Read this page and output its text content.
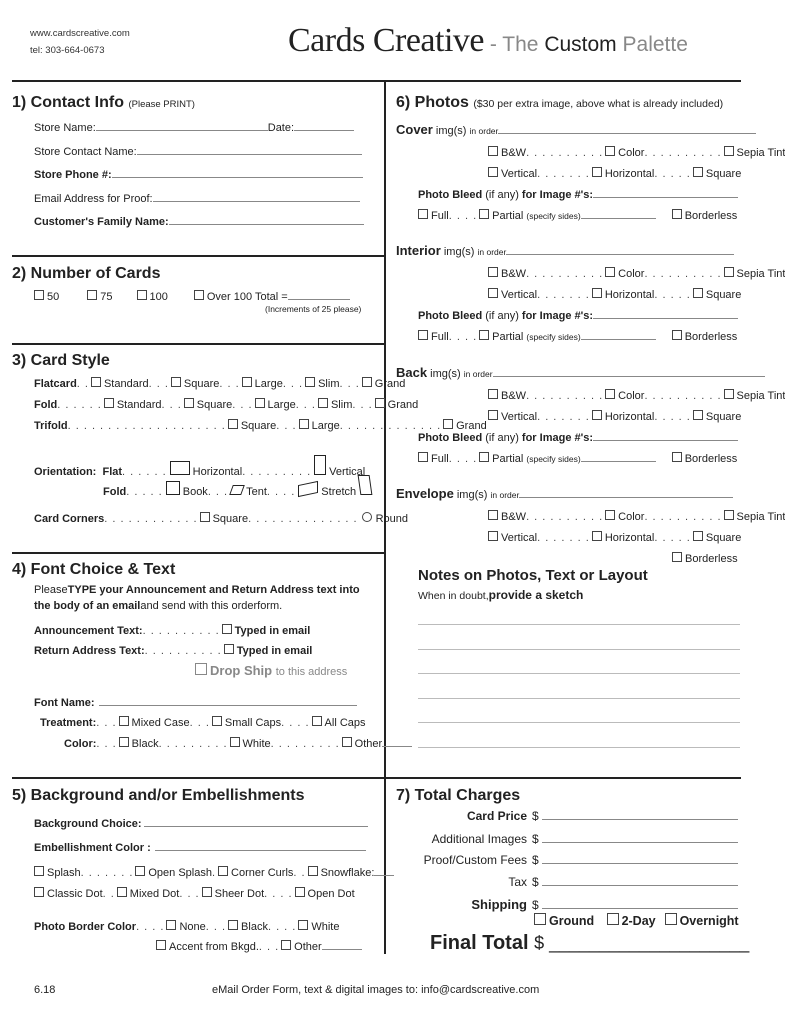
www.cardscreative.com
tel: 303-664-0673	Cards Creative - The Custom Palette
1) Contact Info (Please PRINT)
Store Name:	Date:
Store Contact Name:
Store Phone #:
Email Address for Proof:
Customer's Family Name:
2) Number of Cards
50	75	100	Over 100 Total =
(Increments of 25 please)
3) Card Style
Flatcard . . Standard . . . Square . . . Large . . . Slim . . . Grand
Fold . . . . . . Standard . . . Square . . . Large . . . Slim . . . Grand
Trifold . . . . . . . . . . . . . . . . . . . . Square . . . Large . . . . . . . . . . . . . Grand
Orientation:
Flat . . . . . . Horizontal . . . . . . . . . Vertical
Fold . . . . . Book . . . Tent . . . . Stretch
Card Corners . . . . . . . . . . . . Square . . . . . . . . . . . . . . Round
4) Font Choice & Text
Please TYPE your Announcement and Return Address text into
the body of an email and send with this orderform.
Announcement Text: . . . . . . . . . . Typed in email
Return Address Text: . . . . . . . . . . Typed in email
Drop Ship
to this address
Font Name:
Treatment: . . . Mixed Case . . . Small Caps . . . . All Caps
Color: . . . Black . . . . . . . . . White . . . . . . . . . Other
5) Background and/or Embellishments
Background Choice:
Embellishment Color :
Splash . . . . . . . Open Splash . Corner Curls . . Snowflake:
Classic Dot . . Mixed Dot . . . Sheer Dot . . . . Open Dot
Photo Border Color . . . . None . . . Black . . . . White
Accent from Bkgd. . . . Other
6) Photos ($30 per extra image, above what is already included)
Cover
img(s)
in order
B&W . . . . . . . . . . Color . . . . . . . . . . Sepia Tint
Vertical . . . . . . . Horizontal . . . . . Square
Photo Bleed
(if any)
for Image #'s:
Full . . . . Partial
(specify sides)	Borderless
Interior
img(s)
in order
B&W . . . . . . . . . . Color . . . . . . . . . . Sepia Tint
Vertical . . . . . . . Horizontal . . . . . Square
Photo Bleed
(if any)
for Image #'s:
Full . . . . Partial
(specify sides)	Borderless
Back
img(s)
in order
B&W . . . . . . . . . . Color . . . . . . . . . . Sepia Tint
Vertical . . . . . . . Horizontal . . . . . Square
Photo Bleed
(if any)
for Image #'s:
Full . . . . Partial
(specify sides)	Borderless
Envelope
img(s)
in order
B&W . . . . . . . . . . Color . . . . . . . . . . Sepia Tint
Vertical . . . . . . . Horizontal . . . . . Square
Borderless
Notes on Photos, Text or Layout
When in doubt, provide a sketch
7) Total Charges
Card Price $
Additional Images $
Proof/Custom Fees $
Tax $
Shipping $
Ground
2-Day
Overnight
Final Total $ ____________________
6.18	eMail Order Form, text & digital images to: info@cardscreative.com
